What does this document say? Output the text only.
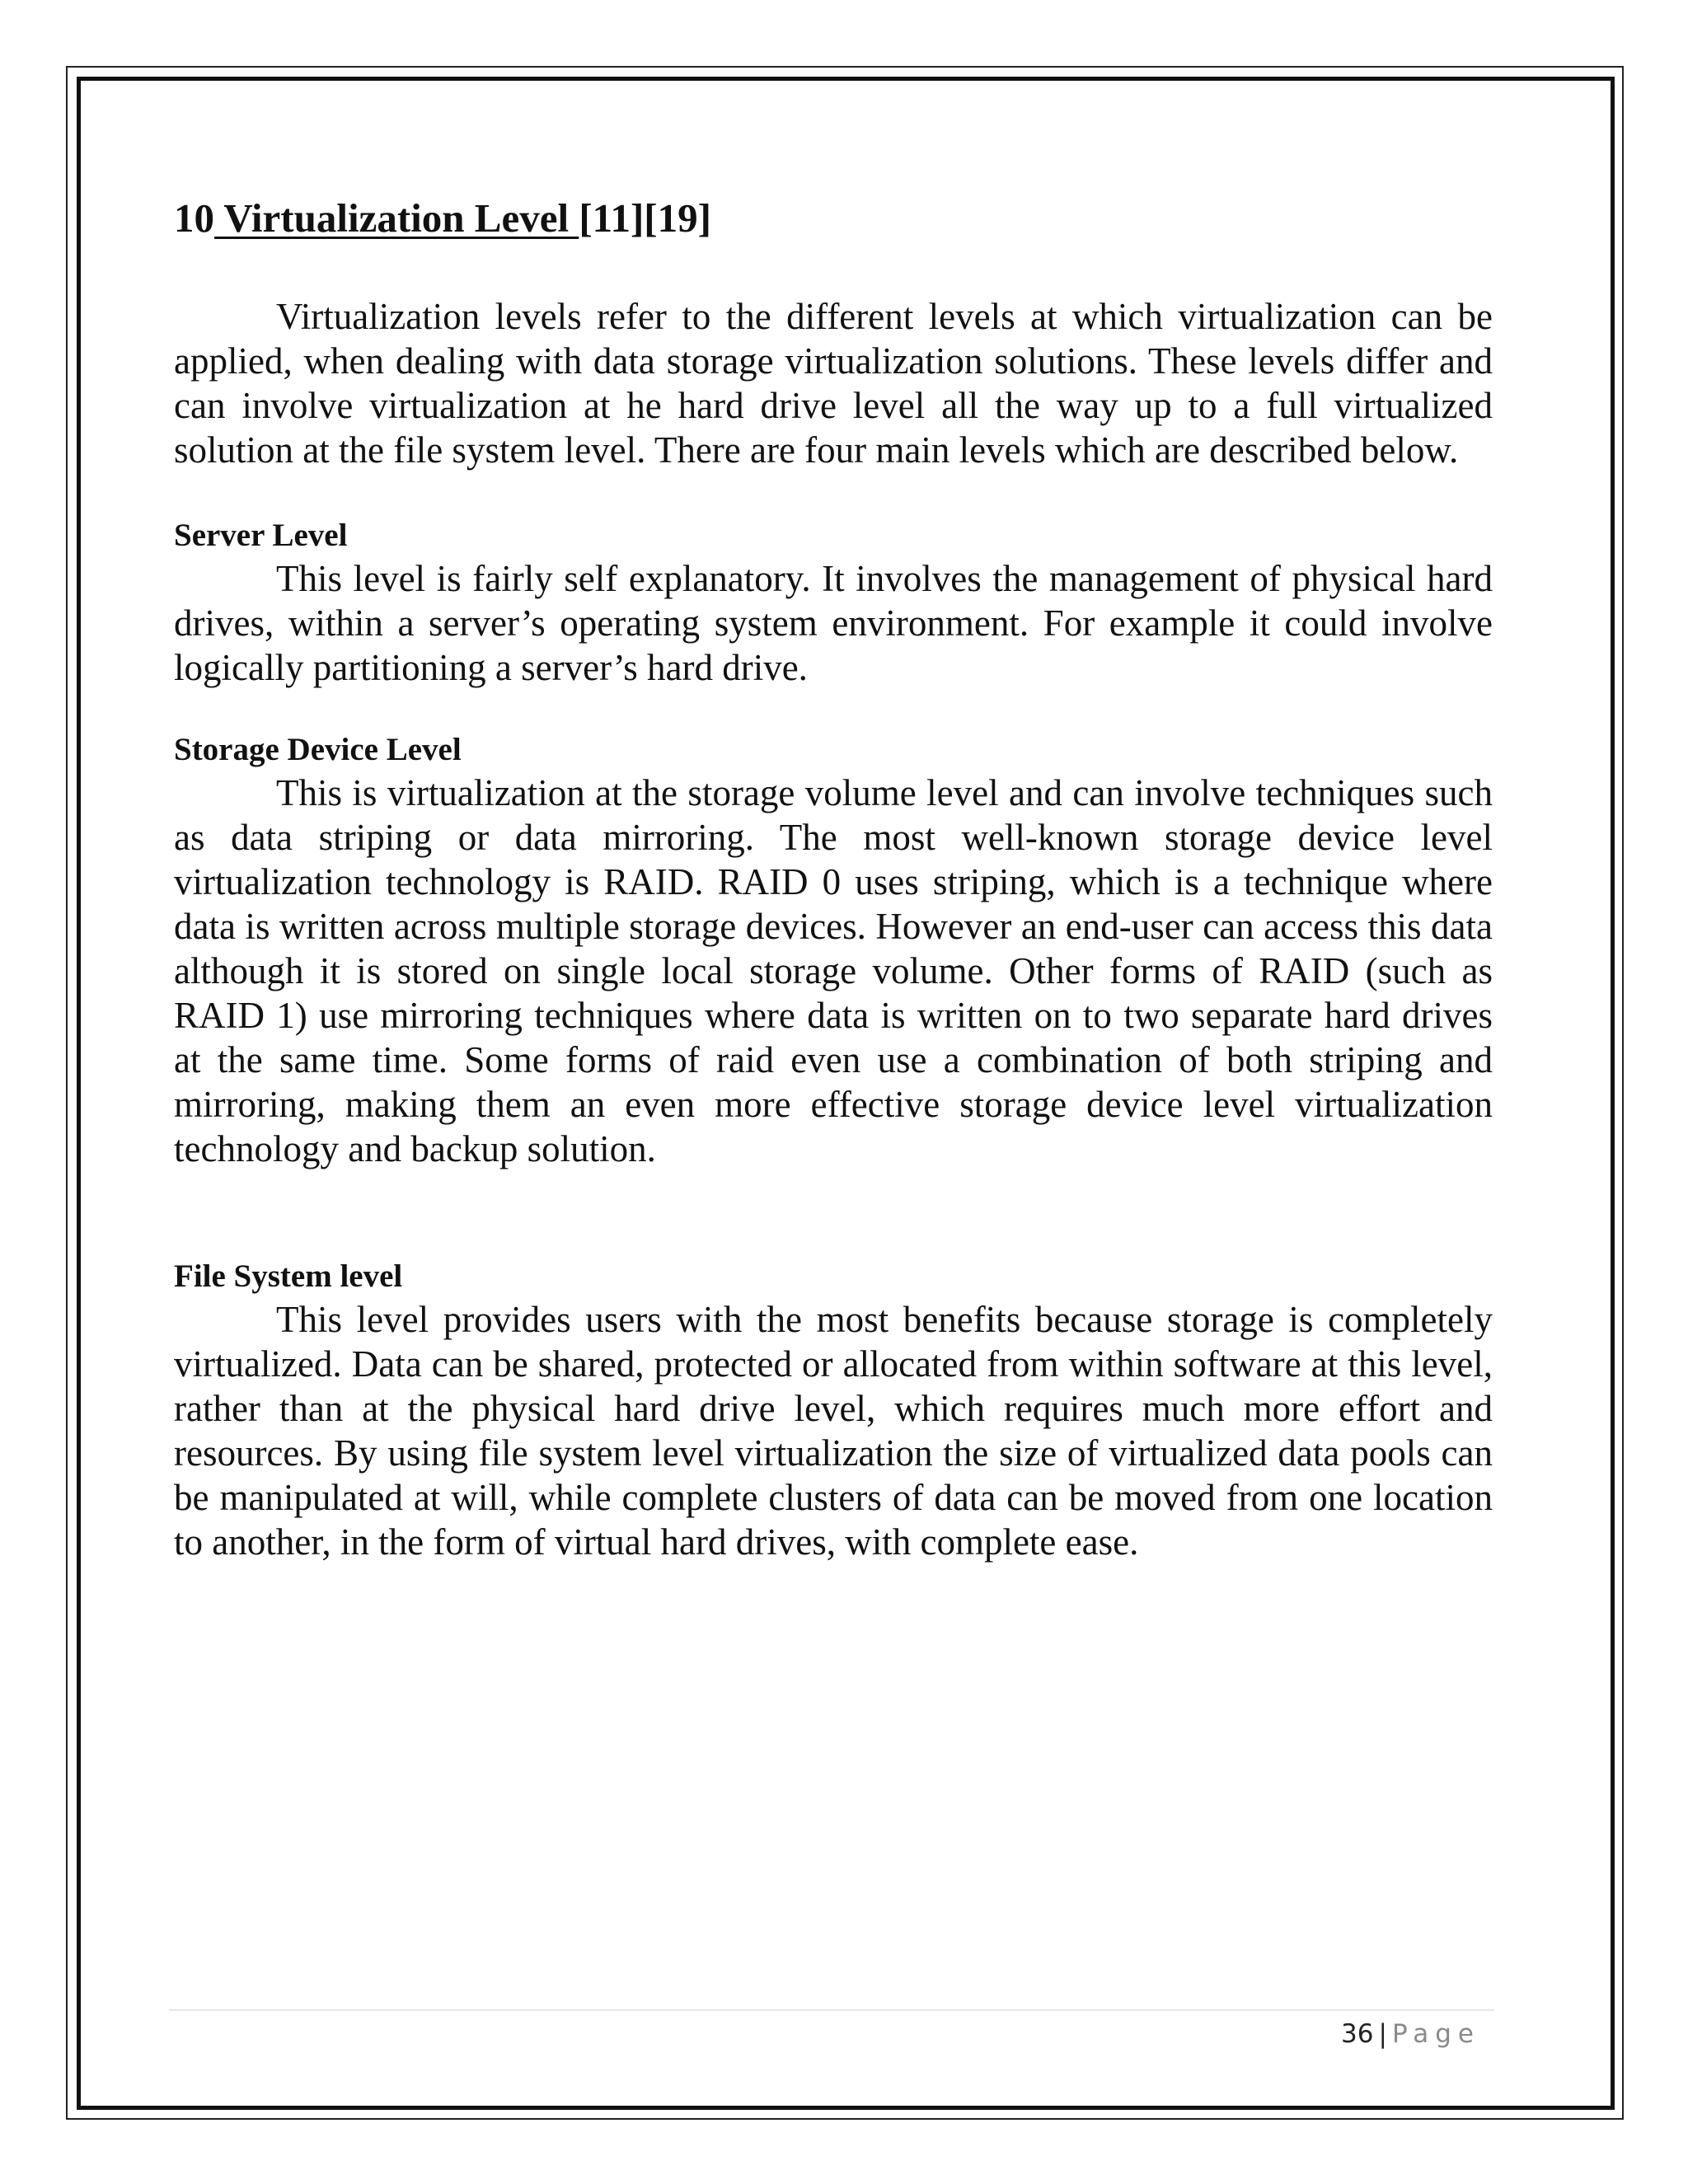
10 Virtualization Level [11][19]

Virtualization levels refer to the different levels at which virtualization can be applied, when dealing with data storage virtualization solutions. These levels differ and can involve virtualization at he hard drive level all the way up to a full virtualized solution at the file system level. There are four main levels which are described below.

Server Level

This level is fairly self explanatory. It involves the management of physical hard drives, within a server’s operating system environment. For example it could involve logically partitioning a server’s hard drive.

Storage Device Level

This is virtualization at the storage volume level and can involve techniques such as data striping or data mirroring. The most well-known storage device level virtualization technology is RAID. RAID 0 uses striping, which is a technique where data is written across multiple storage devices. However an end-user can access this data although it is stored on single local storage volume. Other forms of RAID (such as RAID 1) use mirroring techniques where data is written on to two separate hard drives at the same time. Some forms of raid even use a combination of both striping and mirroring, making them an even more effective storage device level virtualization technology and backup solution.

File System level

This level provides users with the most benefits because storage is completely virtualized. Data can be shared, protected or allocated from within software at this level, rather than at the physical hard drive level, which requires much more effort and resources. By using file system level virtualization the size of virtualized data pools can be manipulated at will, while complete clusters of data can be moved from one location to another, in the form of virtual hard drives, with complete ease.

36 | Page
